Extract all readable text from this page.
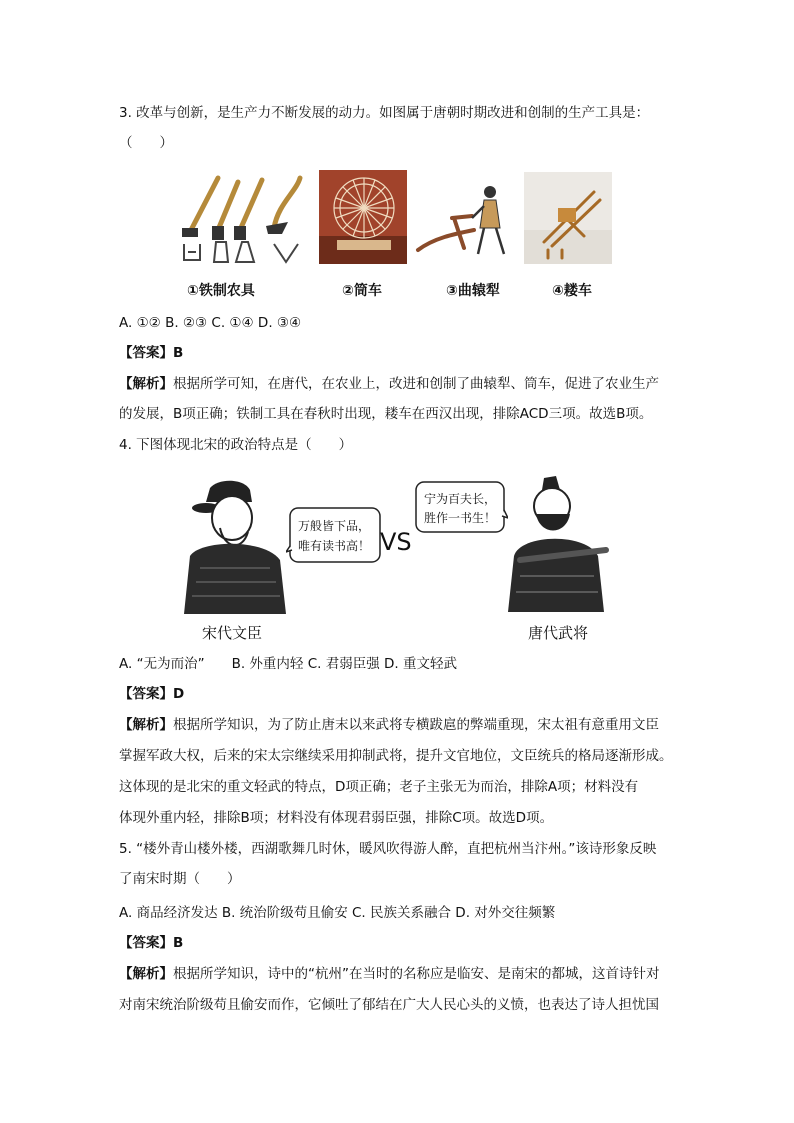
3. 改革与创新，是生产力不断发展的动力。如图属于唐朝时期改进和创制的生产工具是：
（　　）
①铁制农具	②筒车	③曲辕犁	④耧车
A. ①② B. ②③ C. ①④ D. ③④
【答案】B
【解析】根据所学可知，在唐代，在农业上，改进和创制了曲辕犁、筒车，促进了农业生产
的发展，B项正确；铁制工具在春秋时出现，耧车在西汉出现，排除ACD三项。故选B项。
4. 下图体现北宋的政治特点是（　　）
万般皆下品，
唯有读书高！ VS
宁为百夫长，
胜作一书生！
宋代文臣	唐代武将
A. “无为而治”　　B. 外重内轻 C. 君弱臣强 D. 重文轻武
【答案】D
【解析】根据所学知识，为了防止唐末以来武将专横跋扈的弊端重现，宋太祖有意重用文臣
掌握军政大权，后来的宋太宗继续采用抑制武将，提升文官地位，文臣统兵的格局逐渐形成。
这体现的是北宋的重文轻武的特点，D项正确；老子主张无为而治，排除A项；材料没有
体现外重内轻，排除B项；材料没有体现君弱臣强，排除C项。故选D项。
5. “楼外青山楼外楼，西湖歌舞几时休，暖风吹得游人醉，直把杭州当汴州。”该诗形象反映
了南宋时期（　　）
A. 商品经济发达 B. 统治阶级苟且偷安 C. 民族关系融合 D. 对外交往频繁
【答案】B
【解析】根据所学知识，诗中的“杭州”在当时的名称应是临安、是南宋的都城，这首诗针对
对南宋统治阶级苟且偷安而作，它倾吐了郁结在广大人民心头的义愤，也表达了诗人担忧国
